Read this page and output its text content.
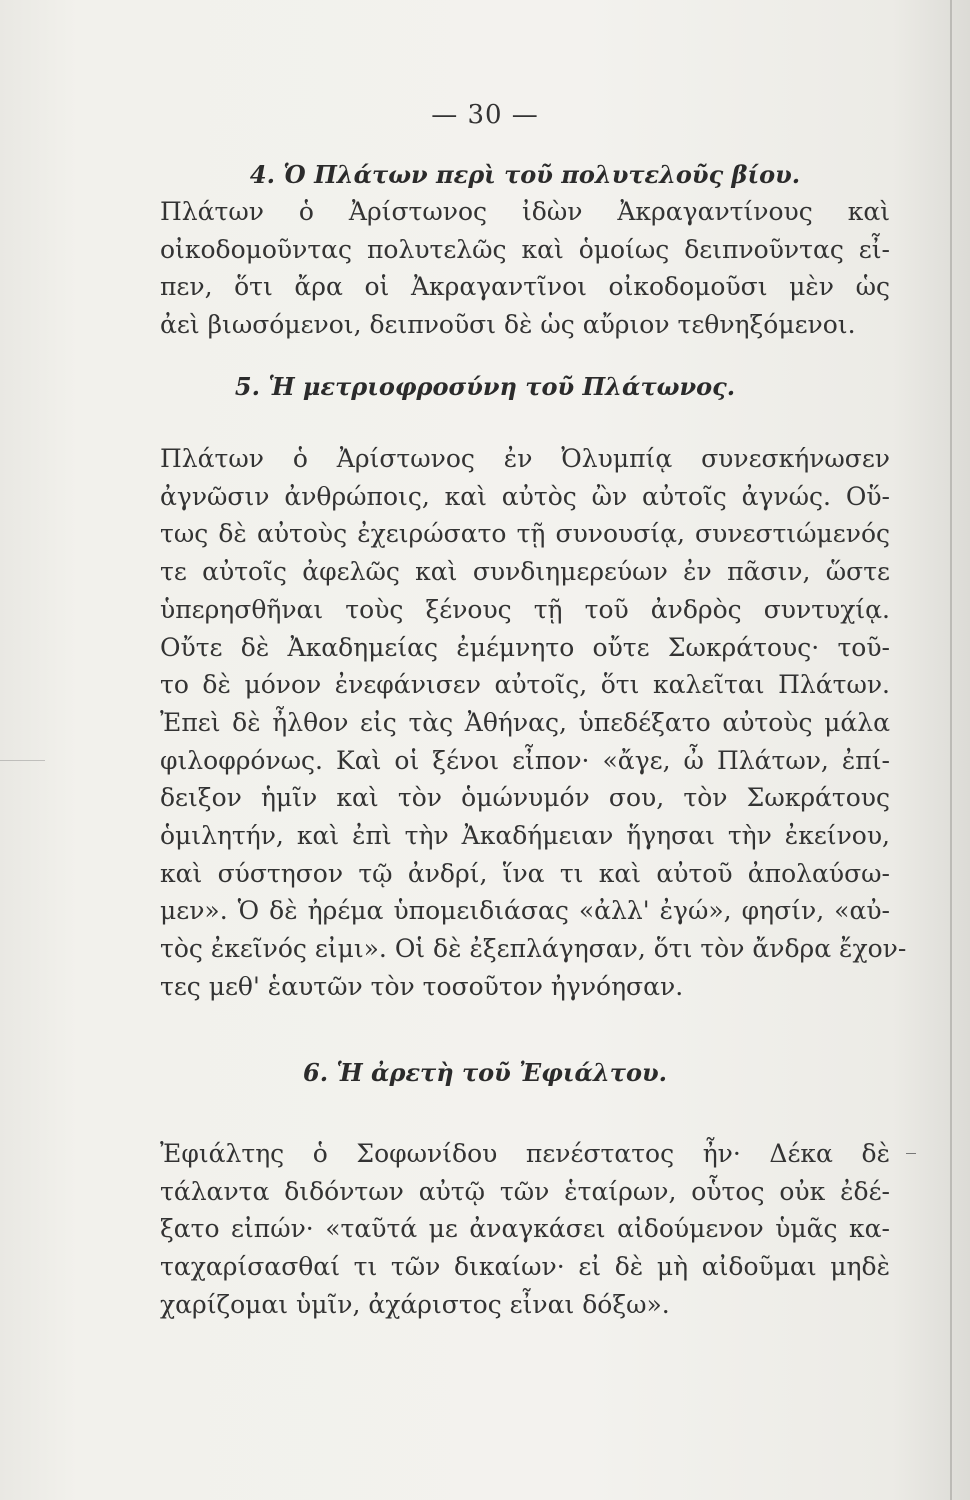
— 30 —
4. Ὁ Πλάτων περὶ τοῦ πολυτελοῦς βίου.
Πλάτων ὁ Ἀρίστωνος ἰδὼν Ἀκραγαντίνους καὶ
οἰκοδομοῦντας πολυτελῶς καὶ ὁμοίως δειπνοῦντας εἶ-
πεν, ὅτι ἄρα οἱ Ἀκραγαντῖνοι οἰκοδομοῦσι μὲν ὡς
ἀεὶ βιωσόμενοι, δειπνοῦσι δὲ ὡς αὔριον τεθνηξόμενοι.
5. Ἡ μετριοφροσύνη τοῦ Πλάτωνος.
Πλάτων ὁ Ἀρίστωνος ἐν Ὀλυμπίᾳ συνεσκήνωσεν
ἀγνῶσιν ἀνθρώποις, καὶ αὐτὸς ὢν αὐτοῖς ἀγνώς. Οὕ-
τως δὲ αὐτοὺς ἐχειρώσατο τῇ συνουσίᾳ, συνεστιώμενός
τε αὐτοῖς ἀφελῶς καὶ συνδιημερεύων ἐν πᾶσιν, ὥστε
ὑπερησθῆναι τοὺς ξένους τῇ τοῦ ἀνδρὸς συντυχίᾳ.
Οὔτε δὲ Ἀκαδημείας ἐμέμνητο οὔτε Σωκράτους· τοῦ-
το δὲ μόνον ἐνεφάνισεν αὐτοῖς, ὅτι καλεῖται Πλάτων.
Ἐπεὶ δὲ ἦλθον εἰς τὰς Ἀθήνας, ὑπεδέξατο αὐτοὺς μάλα
φιλοφρόνως. Καὶ οἱ ξένοι εἶπον· «ἄγε, ὦ Πλάτων, ἐπί-
δειξον ἡμῖν καὶ τὸν ὁμώνυμόν σου, τὸν Σωκράτους
ὁμιλητήν, καὶ ἐπὶ τὴν Ἀκαδήμειαν ἥγησαι τὴν ἐκείνου,
καὶ σύστησον τῷ ἀνδρί, ἵνα τι καὶ αὐτοῦ ἀπολαύσω-
μεν». Ὁ δὲ ἠρέμα ὑπομειδιάσας «ἀλλ' ἐγώ», φησίν, «αὐ-
τὸς ἐκεῖνός εἰμι». Οἱ δὲ ἐξεπλάγησαν, ὅτι τὸν ἄνδρα ἔχον-
τες μεθ' ἑαυτῶν τὸν τοσοῦτον ἠγνόησαν.
6. Ἡ ἀρετὴ τοῦ Ἐφιάλτου.
Ἐφιάλτης ὁ Σοφωνίδου πενέστατος ἦν· Δέκα δὲ
τάλαντα διδόντων αὐτῷ τῶν ἑταίρων, οὗτος οὐκ ἐδέ-
ξατο εἰπών· «ταῦτά με ἀναγκάσει αἰδούμενον ὑμᾶς κα-
ταχαρίσασθαί τι τῶν δικαίων· εἰ δὲ μὴ αἰδοῦμαι μηδὲ
χαρίζομαι ὑμῖν, ἀχάριστος εἶναι δόξω».
